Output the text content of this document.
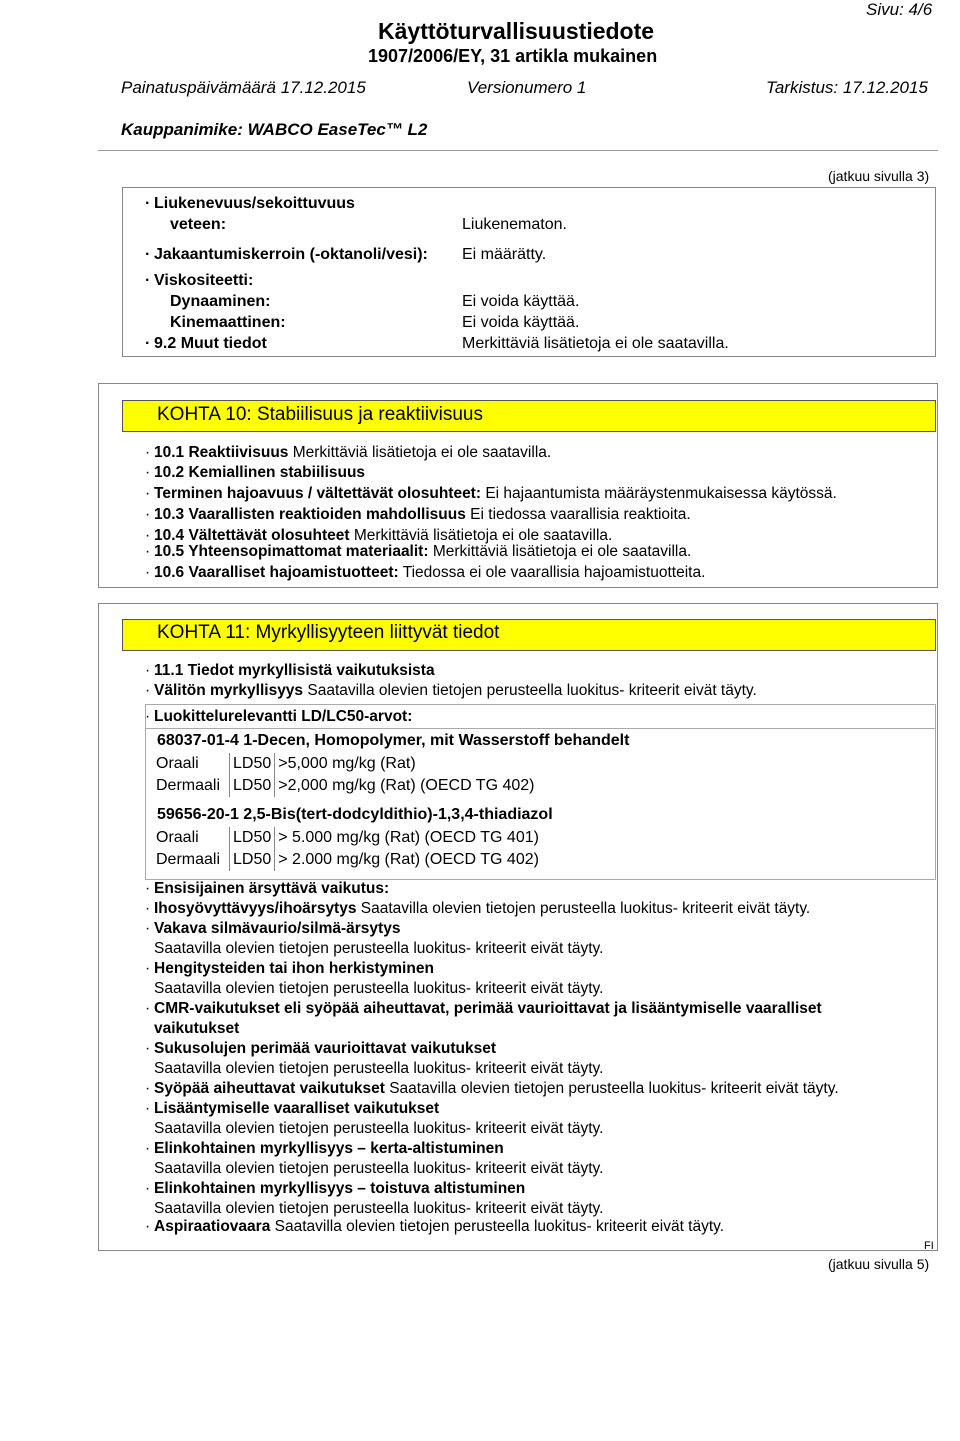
Sivu: 4/6
Käyttöturvallisuustiedote
1907/2006/EY, 31 artikla mukainen
Painatuspäivämäärä 17.12.2015	Versionumero 1	Tarkistus: 17.12.2015
Kauppanimike: WABCO EaseTec™ L2
(jatkuu sivulla 3)
· Liukenevuus/sekoittuvuus
veteen:	Liukenematon.
· Jakaantumiskerroin (-oktanoli/vesi): Ei määrätty.
· Viskositeetti:
Dynaaminen:	Ei voida käyttää.
Kinemaattinen:	Ei voida käyttää.
· 9.2 Muut tiedot	Merkittäviä lisätietoja ei ole saatavilla.
KOHTA 10: Stabiilisuus ja reaktiivisuus
· 10.1 Reaktiivisuus Merkittäviä lisätietoja ei ole saatavilla.
· 10.2 Kemiallinen stabiilisuus
· Terminen hajoavuus / vältettävät olosuhteet: Ei hajaantumista määräystenmukaisessa käytössä.
· 10.3 Vaarallisten reaktioiden mahdollisuus Ei tiedossa vaarallisia reaktioita.
· 10.4 Vältettävät olosuhteet Merkittäviä lisätietoja ei ole saatavilla.
· 10.5 Yhteensopimattomat materiaalit: Merkittäviä lisätietoja ei ole saatavilla.
· 10.6 Vaaralliset hajoamistuotteet: Tiedossa ei ole vaarallisia hajoamistuotteita.
KOHTA 11: Myrkyllisyyteen liittyvät tiedot
· 11.1 Tiedot myrkyllisistä vaikutuksista
· Välitön myrkyllisyys Saatavilla olevien tietojen perusteella luokitus- kriteerit eivät täyty.
· Luokittelurelevantti LD/LC50-arvot:
68037-01-4 1-Decen, Homopolymer, mit Wasserstoff behandelt
Oraali	LD50	>5,000 mg/kg (Rat)
Dermaali	LD50	>2,000 mg/kg (Rat) (OECD TG 402)
59656-20-1 2,5-Bis(tert-dodcyldithio)-1,3,4-thiadiazol
Oraali	LD50	> 5.000 mg/kg (Rat) (OECD TG 401)
Dermaali	LD50	> 2.000 mg/kg (Rat) (OECD TG 402)
· Ensisijainen ärsyttävä vaikutus:
· Ihosyövyttävyys/ihoärsytys Saatavilla olevien tietojen perusteella luokitus- kriteerit eivät täyty.
· Vakava silmävaurio/silmä-ärsytys
Saatavilla olevien tietojen perusteella luokitus- kriteerit eivät täyty.
· Hengitysteiden tai ihon herkistyminen
Saatavilla olevien tietojen perusteella luokitus- kriteerit eivät täyty.
· CMR-vaikutukset eli syöpää aiheuttavat, perimää vaurioittavat ja lisääntymiselle vaaralliset
vaikutukset
· Sukusolujen perimää vaurioittavat vaikutukset
Saatavilla olevien tietojen perusteella luokitus- kriteerit eivät täyty.
· Syöpää aiheuttavat vaikutukset Saatavilla olevien tietojen perusteella luokitus- kriteerit eivät täyty.
· Lisääntymiselle vaaralliset vaikutukset
Saatavilla olevien tietojen perusteella luokitus- kriteerit eivät täyty.
· Elinkohtainen myrkyllisyys – kerta-altistuminen
Saatavilla olevien tietojen perusteella luokitus- kriteerit eivät täyty.
· Elinkohtainen myrkyllisyys – toistuva altistuminen
Saatavilla olevien tietojen perusteella luokitus- kriteerit eivät täyty.
· Aspiraatiovaara Saatavilla olevien tietojen perusteella luokitus- kriteerit eivät täyty.
FI
(jatkuu sivulla 5)
